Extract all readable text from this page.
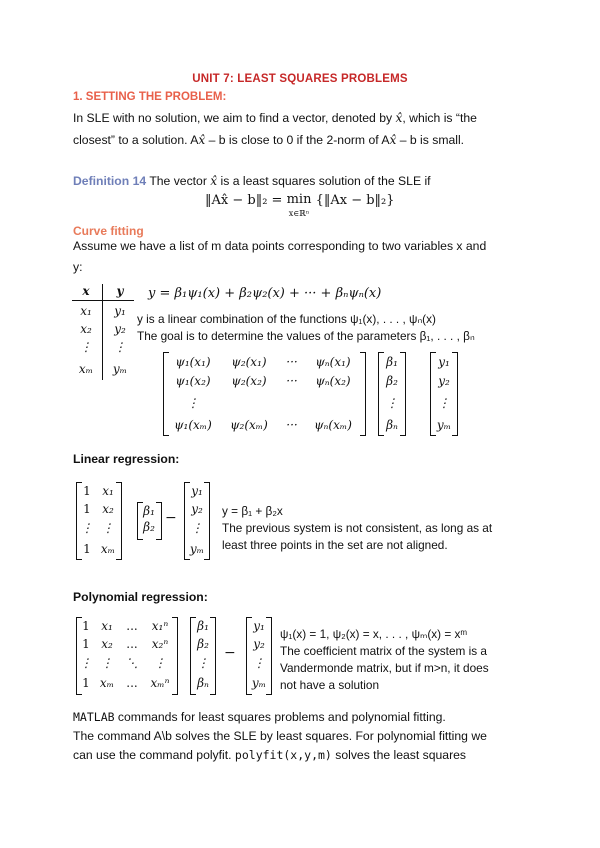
UNIT 7: LEAST SQUARES PROBLEMS
1. SETTING THE PROBLEM:
In SLE with no solution, we aim to find a vector, denoted by x̂, which is “the
closest” to a solution. Ax̂ – b is close to 0 if the 2-norm of Ax̂ – b is small.
Definition 14 The vector x̂ is a least squares solution of the SLE if
‖Ax̂ − b‖₂ = min
x∈ℝⁿ {‖Ax − b‖₂}
Curve fitting
Assume we have a list of m data points corresponding to two variables x and
y:
x	y
x₁	y₁
x₂	y₂
⋮	⋮
xₘ	yₘ
y = β₁ψ₁(x) + β₂ψ₂(x) + ··· + βₙψₙ(x)
y is a linear combination of the functions ψ₁(x), . . . , ψₙ(x)
The goal is to determine the values of the parameters β₁, . . . , βₙ
ψ₁(x₁)	ψ₂(x₁)	···	ψₙ(x₁)
ψ₁(x₂)	ψ₂(x₂)	···	ψₙ(x₂)
⋮
ψ₁(xₘ)	ψ₂(xₘ)	···	ψₙ(xₘ)
β₁
β₂
⋮
βₙ
y₁
y₂
⋮
yₘ
Linear regression:
1 x₁
1 x₂
⋮ ⋮
1 xₘ
β₁
β₂
−
y₁
y₂
⋮
yₘ
y = β₁ + β₂x
The previous system is not consistent, as long as at
least three points in the set are not aligned.
Polynomial regression:
1 x₁	...	x₁ⁿ
1 x₂	...	x₂ⁿ
⋮ ⋮	⋱	⋮
1 xₘ	...	xₘⁿ
β₁
β₂
⋮
βₙ
−
y₁
y₂
⋮
yₘ
ψ₁(x) = 1, ψ₂(x) = x, . . . , ψₘ(x) = xᵐ
The coefficient matrix of the system is a
Vandermonde matrix, but if m>n, it does
not have a solution
MATLAB commands for least squares problems and polynomial fitting.
The command A\b solves the SLE by least squares. For polynomial fitting we
can use the command polyfit. polyfit(x,y,m) solves the least squares
